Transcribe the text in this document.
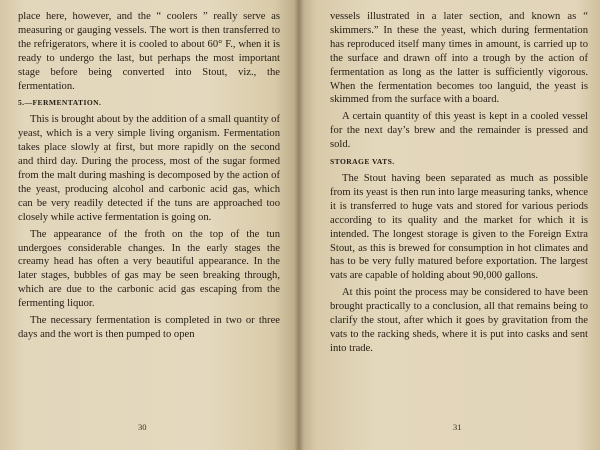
place here, however, and the “ coolers ” really serve as measuring or gauging vessels. The wort is then transferred to the refrigerators, where it is cooled to about 60° F., when it is ready to undergo the last, but perhaps the most important stage before being converted into Stout, viz., the fermentation.

5.—FERMENTATION.

This is brought about by the addition of a small quantity of yeast, which is a very simple living organism. Fermentation takes place slowly at first, but more rapidly on the second and third day. During the process, most of the sugar formed from the malt during mashing is decomposed by the action of the yeast, producing alcohol and carbonic acid gas, which can be very readily detected if the tuns are approached too closely while active fermentation is going on.

The appearance of the froth on the top of the tun undergoes considerable changes. In the early stages the creamy head has often a very beautiful appearance. In the later stages, bubbles of gas may be seen breaking through, which are due to the carbonic acid gas escaping from the fermenting liquor.

The necessary fermentation is completed in two or three days and the wort is then pumped to open

30

vessels illustrated in a later section, and known as “ skimmers.” In these the yeast, which during fermentation has reproduced itself many times in amount, is carried up to the surface and drawn off into a trough by the action of fermentation as long as the latter is sufficiently vigorous. When the fermentation becomes too languid, the yeast is skimmed from the surface with a board.

A certain quantity of this yeast is kept in a cooled vessel for the next day’s brew and the remainder is pressed and sold.

STORAGE VATS.

The Stout having been separated as much as possible from its yeast is then run into large measuring tanks, whence it is transferred to huge vats and stored for various periods according to its quality and the market for which it is intended. The longest storage is given to the Foreign Extra Stout, as this is brewed for consumption in hot climates and has to be very fully matured before exportation. The largest vats are capable of holding about 90,000 gallons.

At this point the process may be considered to have been brought practically to a conclusion, all that remains being to clarify the stout, after which it goes by gravitation from the vats to the racking sheds, where it is put into casks and sent into trade.

31
